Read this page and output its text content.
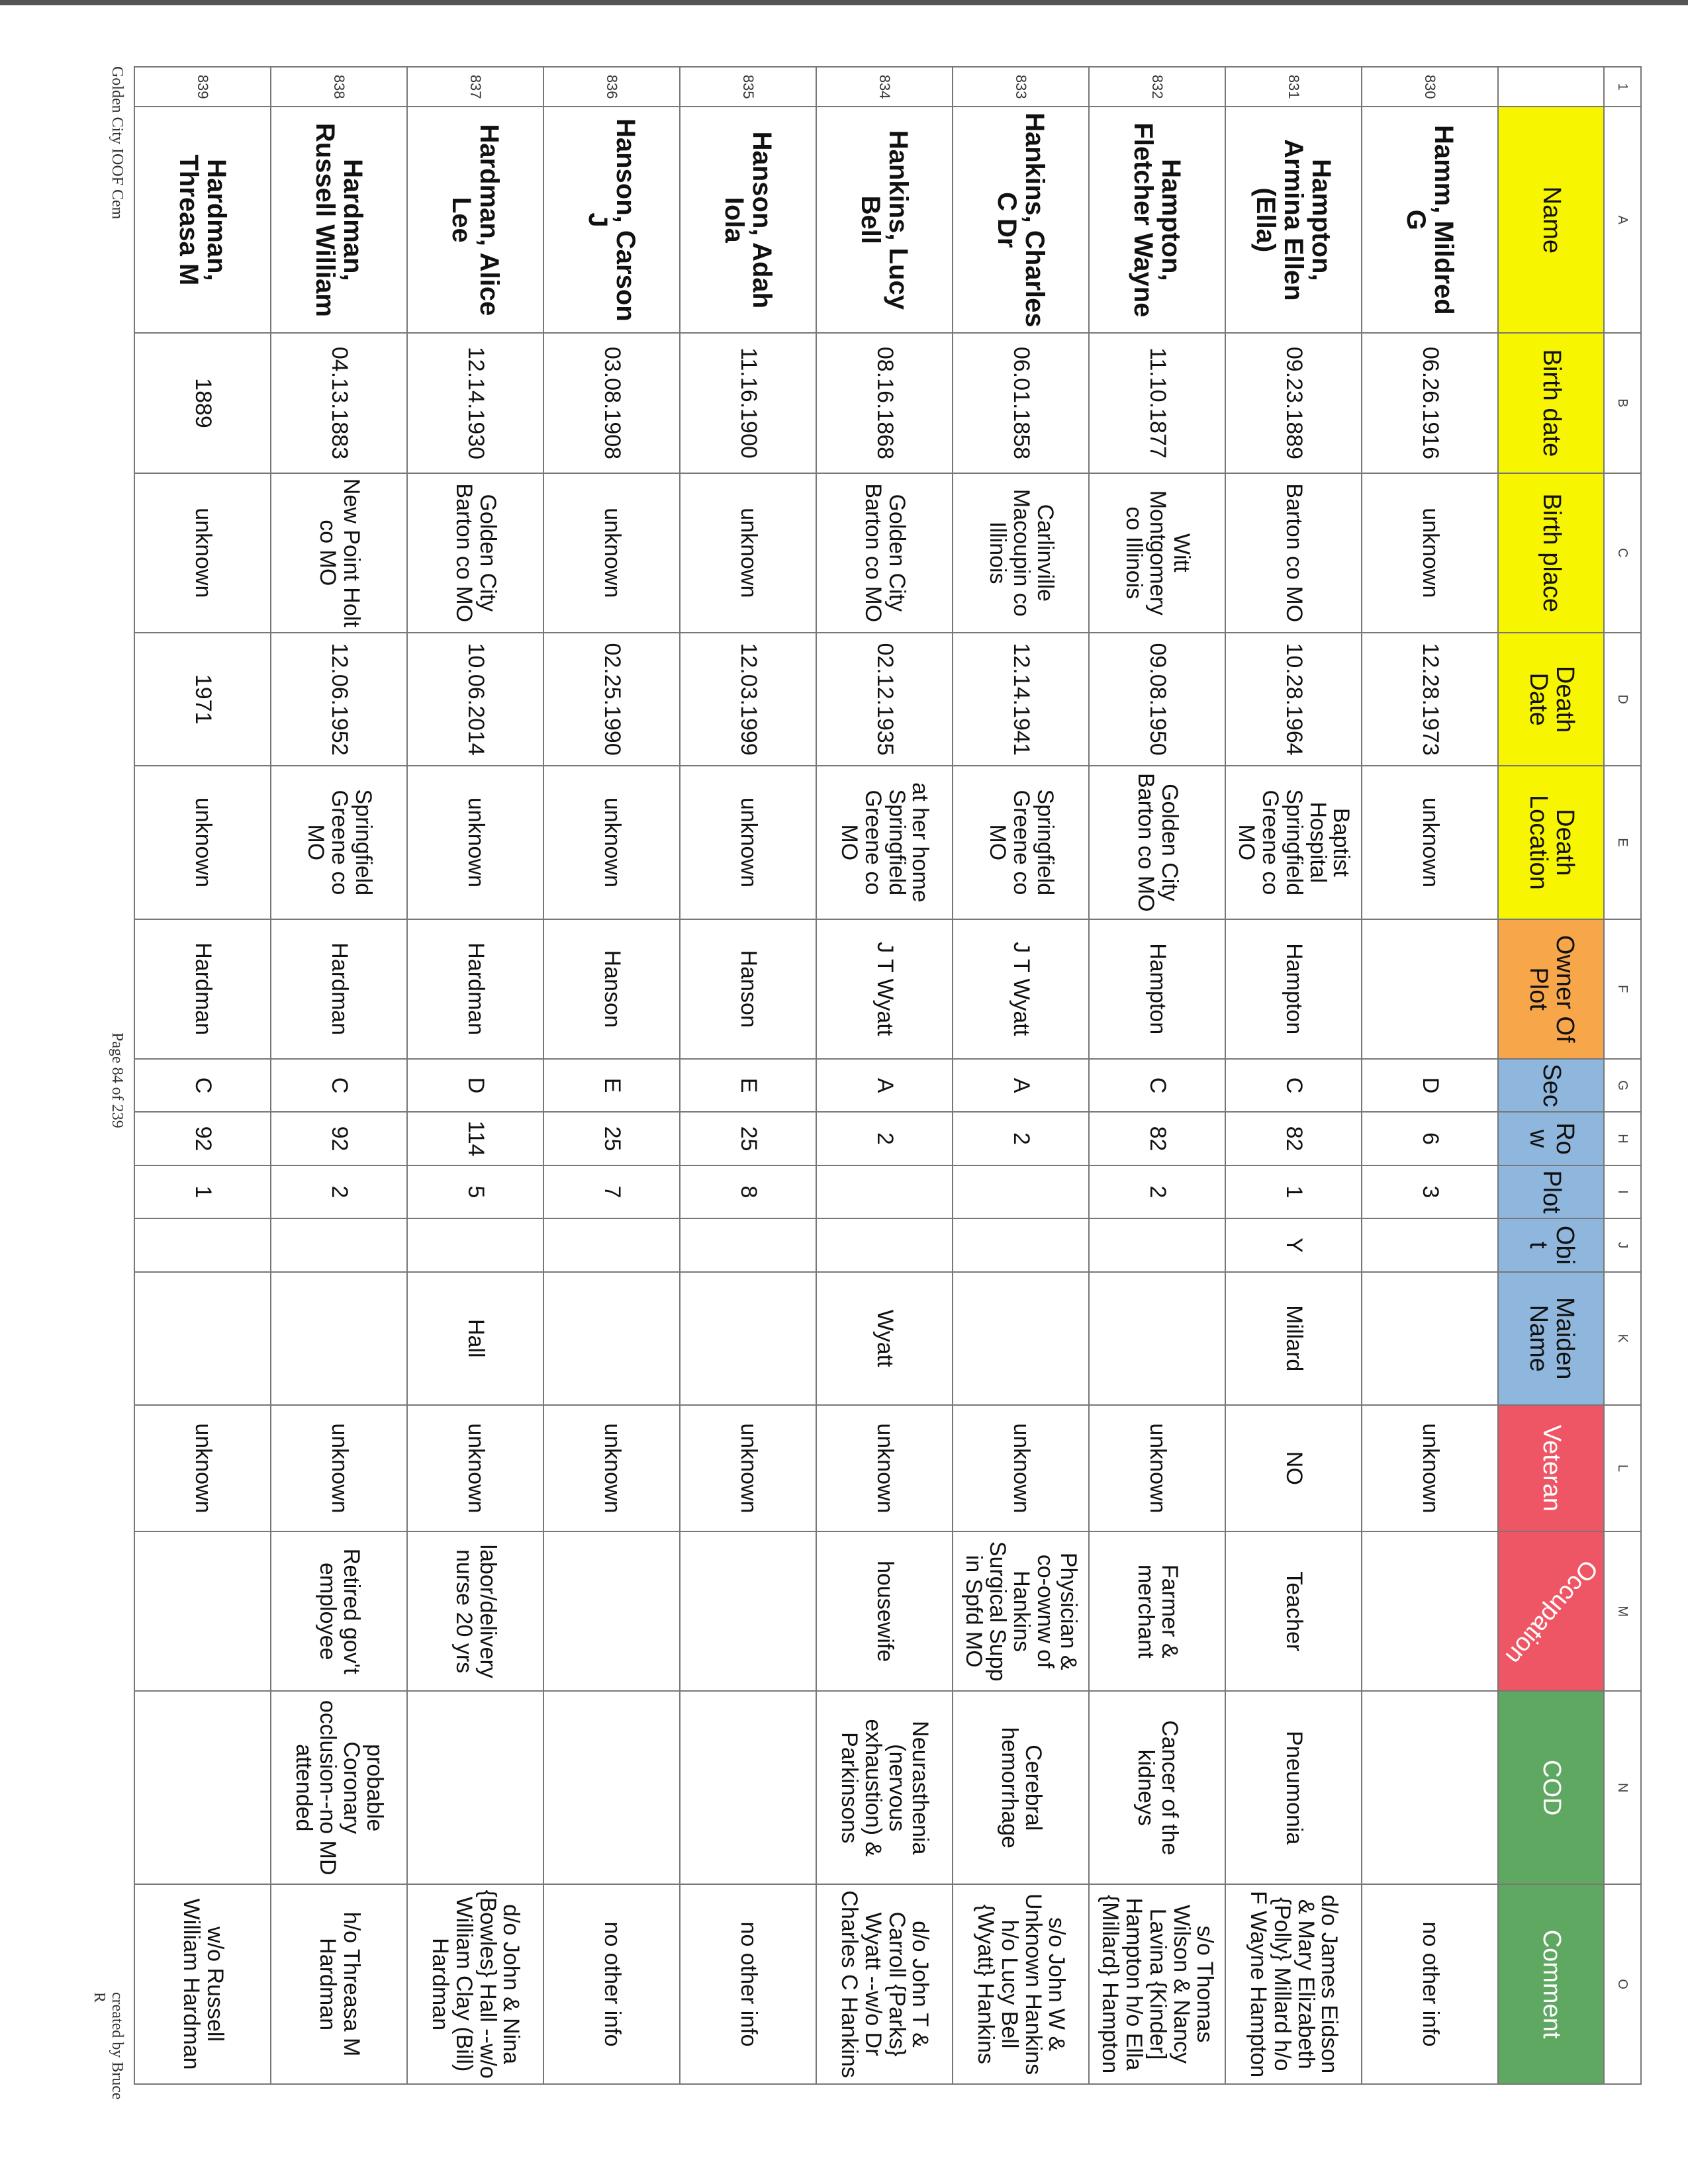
1	A	B	C	D	E	F	G	H	I	J	K	L	M	N	O
	Name	Birth date	Birth place	Death Date	Death Location	Owner Of Plot	Sec	Row	Plot	Obit	Maiden Name	Veteran	Occupation	COD	Comment
830	Hamm, Mildred G	06.26.1916	unknown	12.28.1973	unknown		D	6	3			unknown			no other info
831	Hampton, Armina Ellen (Ella)	09.23.1889	Barton co MO	10.28.1964	Baptist Hospital Springfield Greene co MO	Hampton	C	82	1	Y	Millard	NO	Teacher	Pneumonia	d/o James Eidson & Mary Elizabeth {Polly} Millard h/o F Wayne Hampton
832	Hampton, Fletcher Wayne	11.10.1877	Witt Montgomery co Illinois	09.08.1950	Golden City Barton co MO	Hampton	C	82	2			unknown	Farmer & merchant	Cancer of the kidneys	s/o Thomas Wilson & Nancy Lavina {Kinder] Hampton h/o Ella {Millard} Hampton
833	Hankins, Charles C Dr	06.01.1858	Carlinville Macoupin co Illinois	12.14.1941	Springfield Greene co MO	J T Wyatt	A	2				unknown	Physician & co-ownw of Hankins Surgical Supp in Spfd MO	Cerebral hemorrhage	s/o John W & Unknown Hankins h/o Lucy Bell {Wyatt} Hankins
834	Hankins, Lucy Bell	08.16.1868	Golden City Barton co MO	02.12.1935	at her home Springfield Greene co MO	J T Wyatt	A	2			Wyatt	unknown	housewife	Neurasthenia (nervous exhaustion) & Parkinsons	d/o John T & Carroll {Parks} Wyatt --w/o Dr Charles C Hankins
835	Hanson, Adah Iola	11.16.1900	unknown	12.03.1999	unknown	Hanson	E	25	8			unknown			no other info
836	Hanson, Carson J	03.08.1908	unknown	02.25.1990	unknown	Hanson	E	25	7			unknown			no other info
837	Hardman, Alice Lee	12.14.1930	Golden City Barton co MO	10.06.2014	unknown	Hardman	D	114	5		Hall	unknown	labor/delivery nurse 20 yrs		d/o John & Nina {Bowles} Hall --w/o William Clay (Bill) Hardman
838	Hardman, Russell William	04.13.1883	New Point Holt co MO	12.06.1952	Springfield Greene co MO	Hardman	C	92	2			unknown	Retired gov't employee	probable Coronary occlusion--no MD attended	h/o Threasa M Hardman
839	Hardman, Threasa M	1889	unknown	1971	unknown	Hardman	C	92	1			unknown			w/o Russell William Hardman
Golden City IOOF Cem
Page 84 of 239
created by Bruce R
